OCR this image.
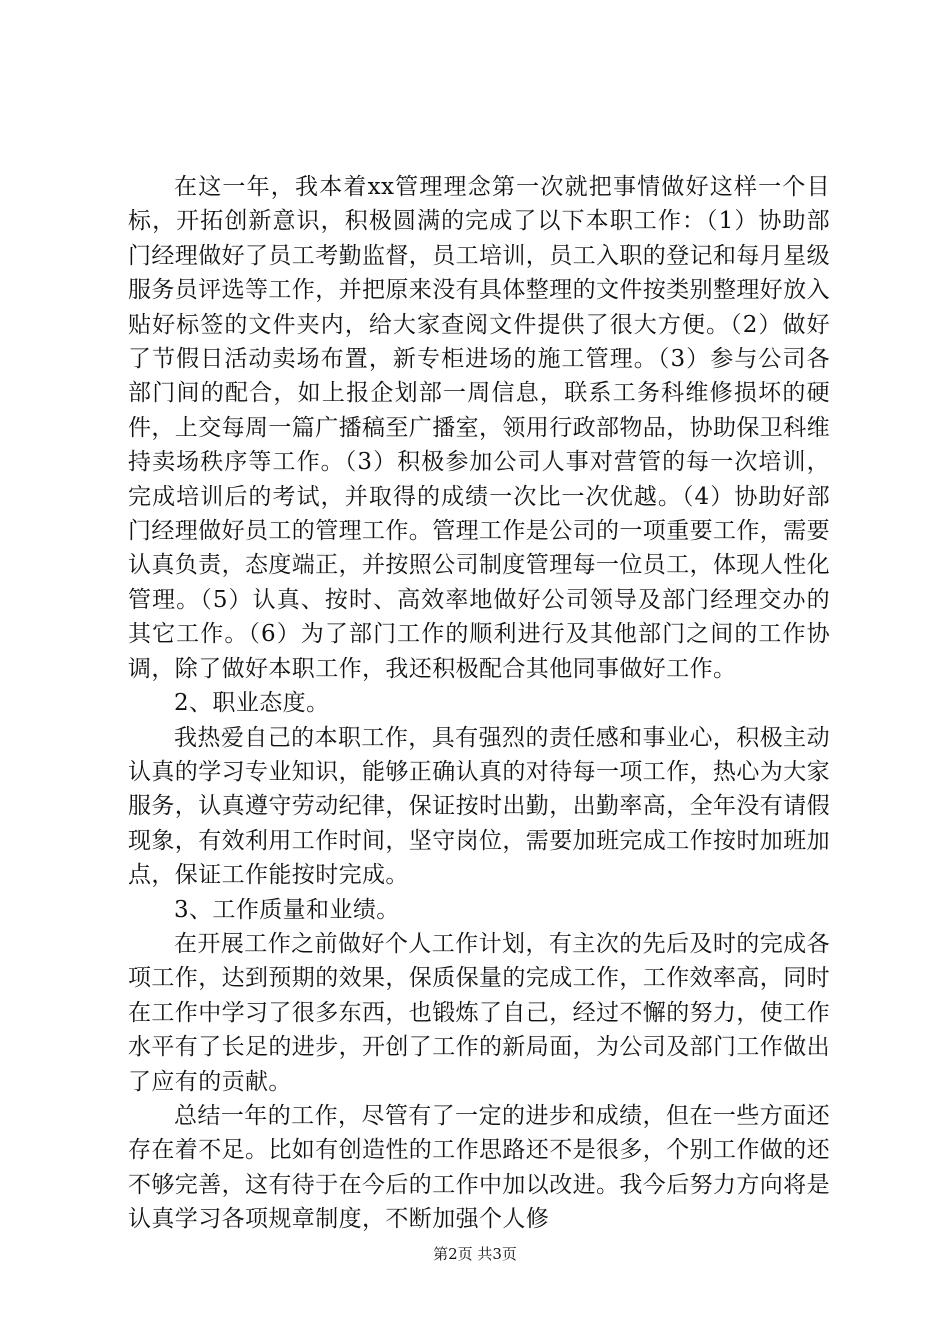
在这一年，我本着xx管理理念第一次就把事情做好这样一个目标，开拓创新意识，积极圆满的完成了以下本职工作：（1）协助部门经理做好了员工考勤监督，员工培训，员工入职的登记和每月星级服务员评选等工作，并把原来没有具体整理的文件按类别整理好放入贴好标签的文件夹内，给大家查阅文件提供了很大方便。（2）做好了节假日活动卖场布置，新专柜进场的施工管理。（3）参与公司各部门间的配合，如上报企划部一周信息，联系工务科维修损坏的硬件，上交每周一篇广播稿至广播室，领用行政部物品，协助保卫科维持卖场秩序等工作。（3）积极参加公司人事对营管的每一次培训，完成培训后的考试，并取得的成绩一次比一次优越。（4）协助好部门经理做好员工的管理工作。管理工作是公司的一项重要工作，需要认真负责，态度端正，并按照公司制度管理每一位员工，体现人性化管理。（5）认真、按时、高效率地做好公司领导及部门经理交办的其它工作。（6）为了部门工作的顺利进行及其他部门之间的工作协调，除了做好本职工作，我还积极配合其他同事做好工作。

2、职业态度。

我热爱自己的本职工作，具有强烈的责任感和事业心，积极主动认真的学习专业知识，能够正确认真的对待每一项工作，热心为大家服务，认真遵守劳动纪律，保证按时出勤，出勤率高，全年没有请假现象，有效利用工作时间，坚守岗位，需要加班完成工作按时加班加点，保证工作能按时完成。

3、工作质量和业绩。

在开展工作之前做好个人工作计划，有主次的先后及时的完成各项工作，达到预期的效果，保质保量的完成工作，工作效率高，同时在工作中学习了很多东西，也锻炼了自己，经过不懈的努力，使工作水平有了长足的进步，开创了工作的新局面，为公司及部门工作做出了应有的贡献。

总结一年的工作，尽管有了一定的进步和成绩，但在一些方面还存在着不足。比如有创造性的工作思路还不是很多，个别工作做的还不够完善，这有待于在今后的工作中加以改进。我今后努力方向将是认真学习各项规章制度，不断加强个人修

第2页 共3页
